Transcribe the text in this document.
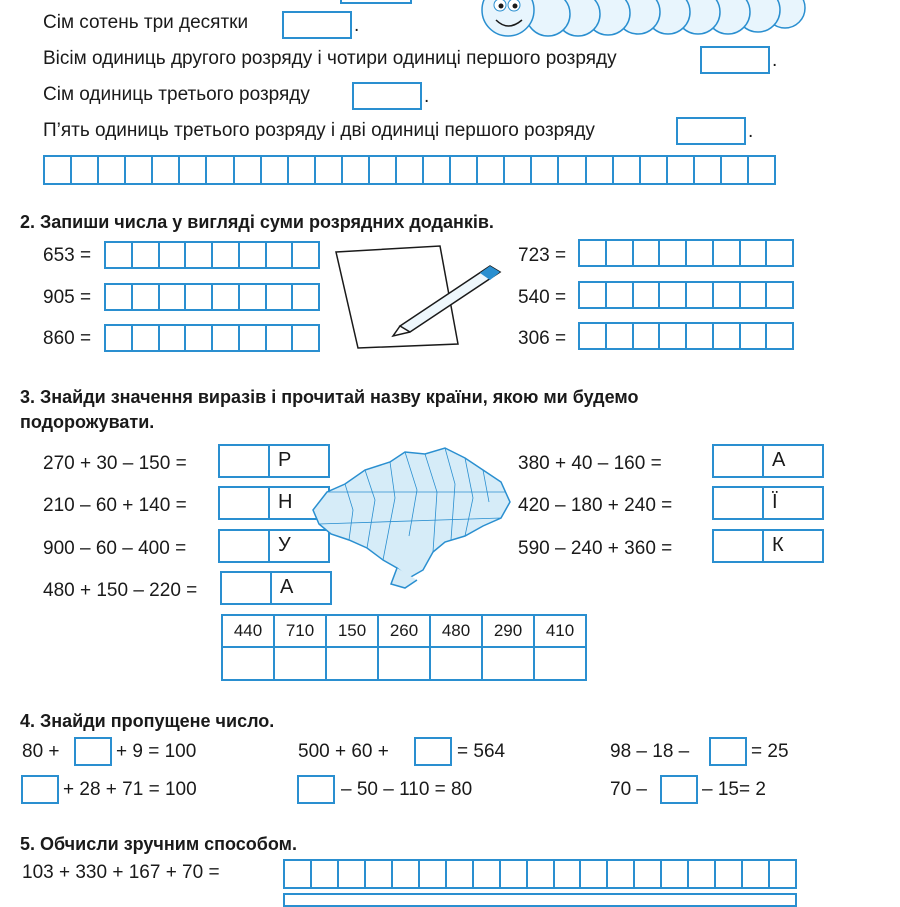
Сім сотень три десятки	.
Вісім одиниць другого розряду і чотири одиниці першого розряду	.
Сім одиниць третього розряду	.
П’ять одиниць третього розряду і дві одиниці першого розряду	.
2. Запиши числа у вигляді суми розрядних доданків.
653 =
905 =
860 =
723 =
540 =
306 =
3. Знайди значення виразів і прочитай назву країни, якою ми будемо
подорожувати.
270 + 30 – 150 =	Р
210 – 60 + 140 =	Н
900 – 60 – 400 =	У
480 + 150 – 220 =	А
380 + 40 – 160 =	А
420 – 180 + 240 =	Ї
590 – 240 + 360 =	К
440	710	150	260	480	290	410

4. Знайди пропущене число.
80 +	+ 9 = 100	500 + 60 +	= 564	98 – 18 –	= 25
+ 28 + 71 = 100	– 50 – 110 = 80	70 –	– 15= 2
5. Обчисли зручним способом.
103 + 330 + 167 + 70 =
